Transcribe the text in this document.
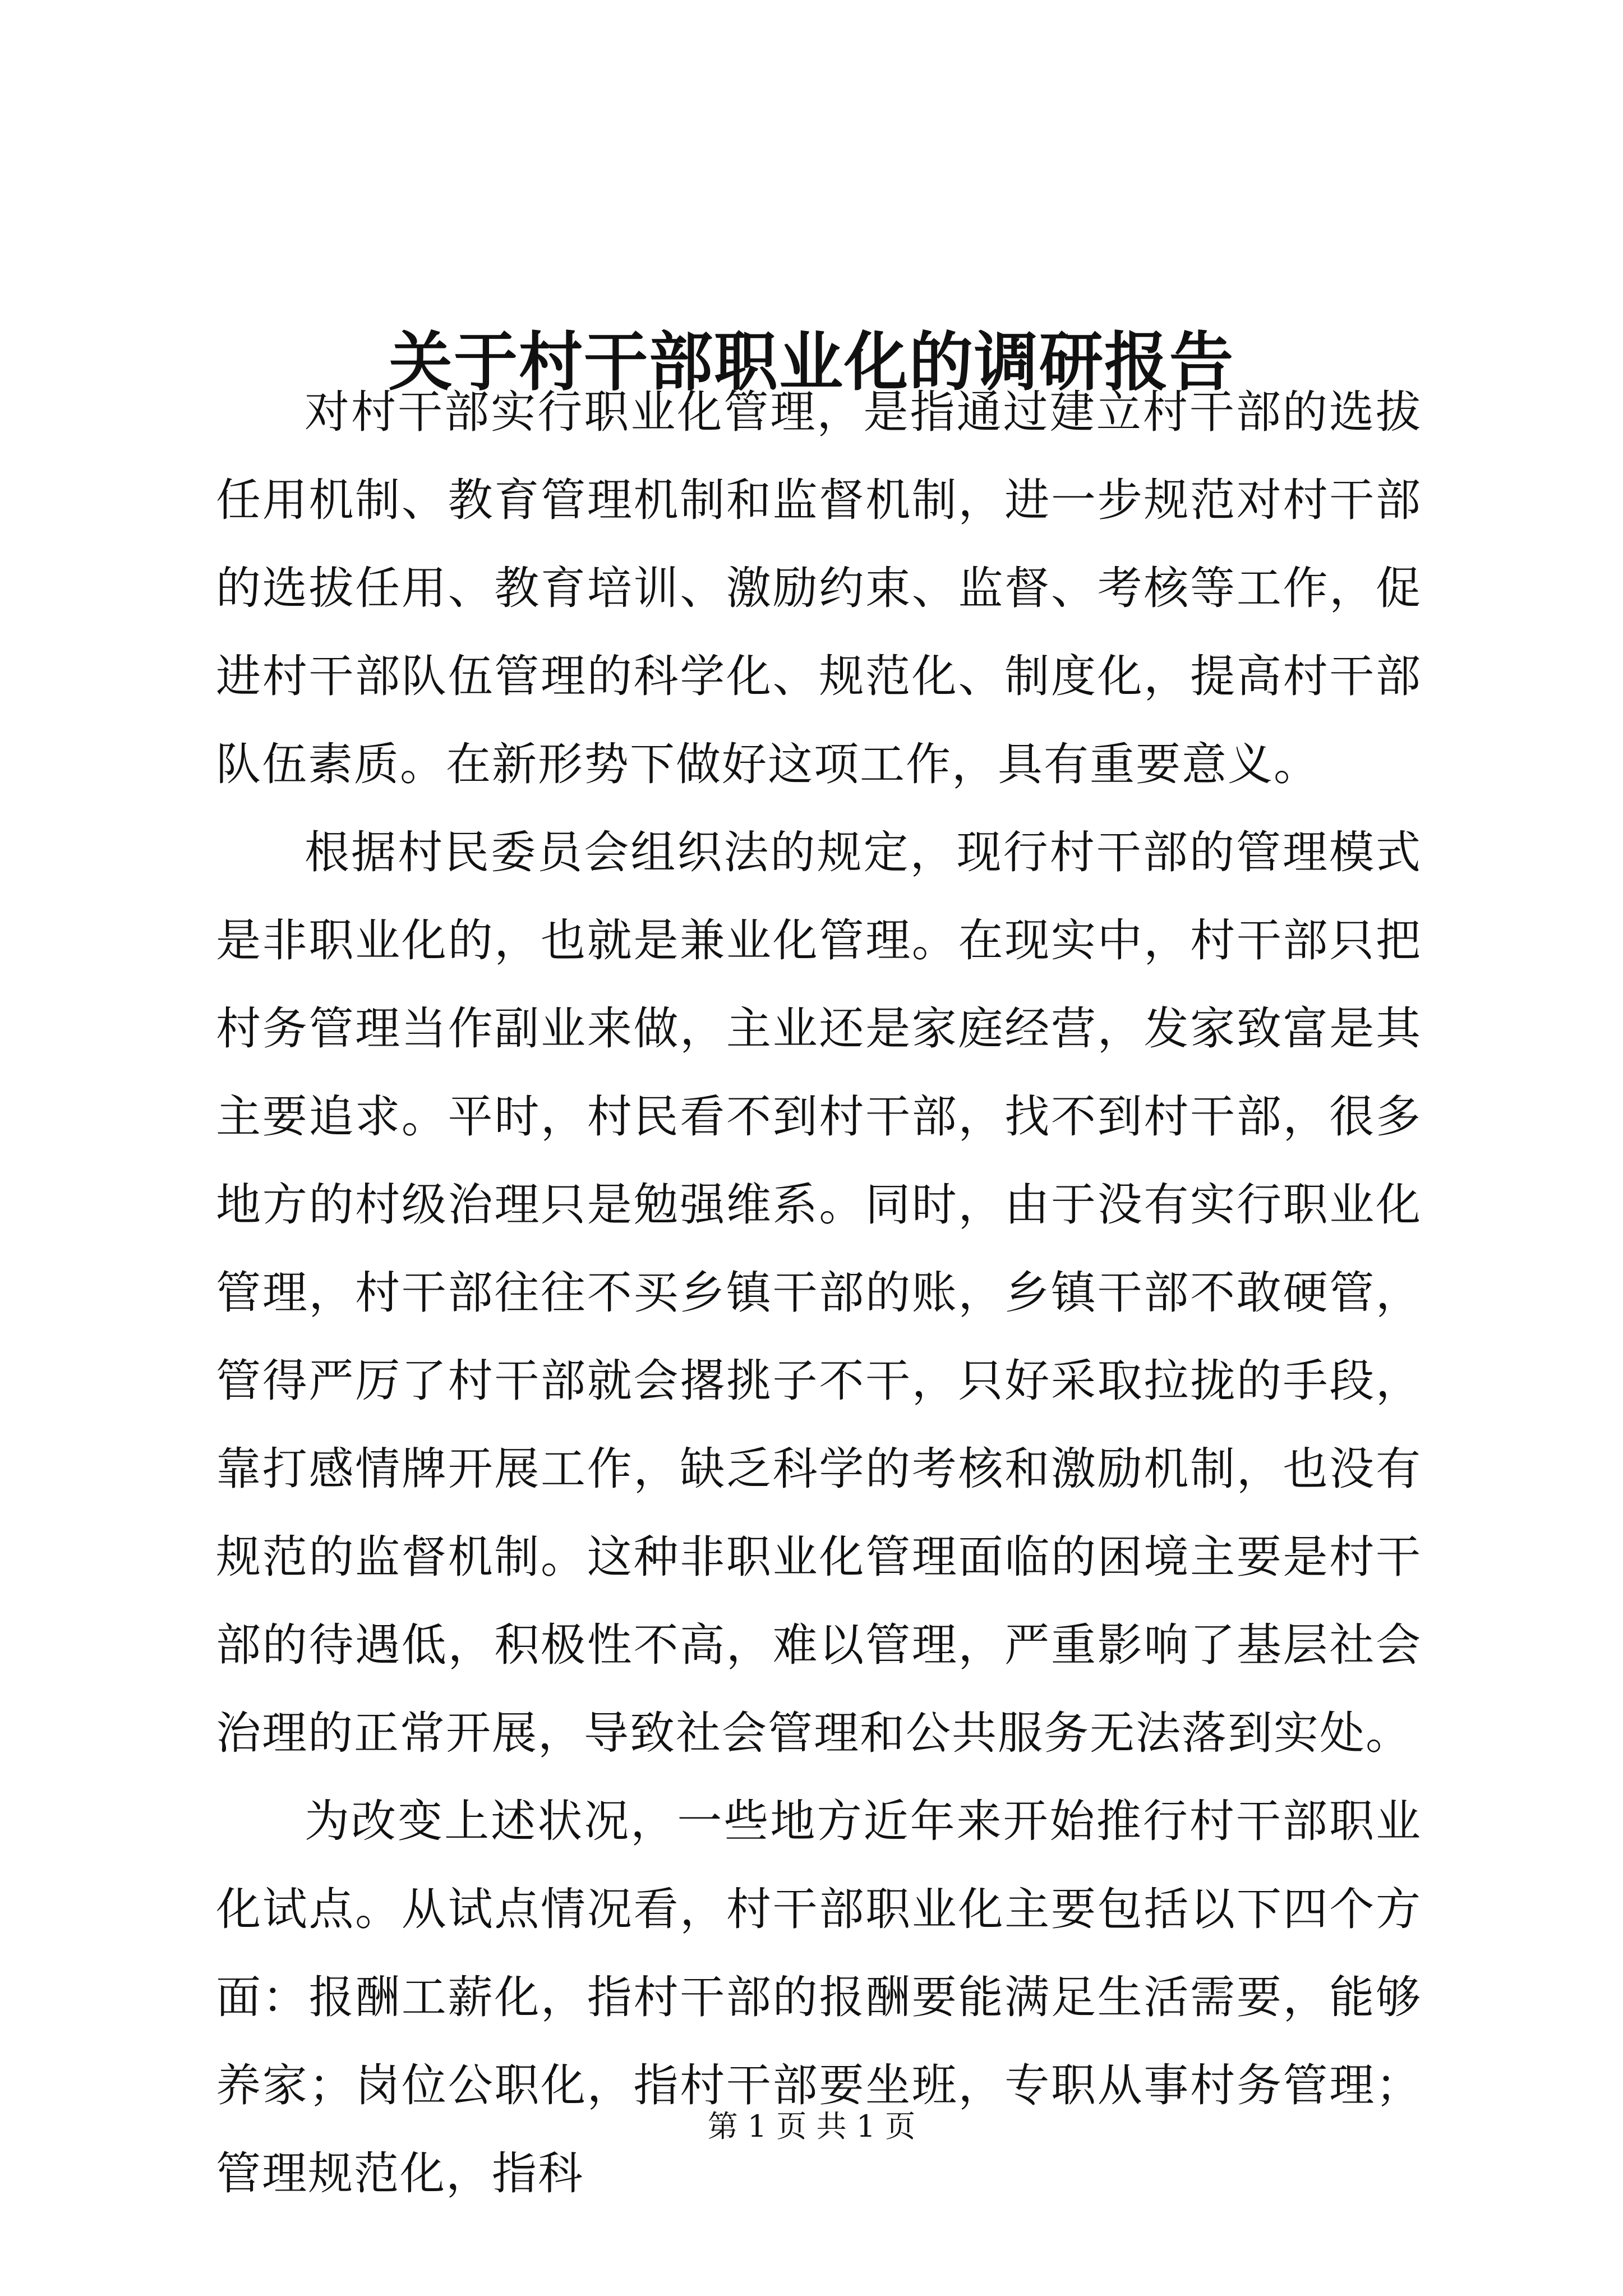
关于村干部职业化的调研报告

对村干部实行职业化管理，是指通过建立村干部的选拔任用机制、教育管理机制和监督机制，进一步规范对村干部的选拔任用、教育培训、激励约束、监督、考核等工作，促进村干部队伍管理的科学化、规范化、制度化，提高村干部队伍素质。在新形势下做好这项工作，具有重要意义。

根据村民委员会组织法的规定，现行村干部的管理模式是非职业化的，也就是兼业化管理。在现实中，村干部只把村务管理当作副业来做，主业还是家庭经营，发家致富是其主要追求。平时，村民看不到村干部，找不到村干部，很多地方的村级治理只是勉强维系。同时，由于没有实行职业化管理，村干部往往不买乡镇干部的账，乡镇干部不敢硬管，管得严厉了村干部就会撂挑子不干，只好采取拉拢的手段，靠打感情牌开展工作，缺乏科学的考核和激励机制，也没有规范的监督机制。这种非职业化管理面临的困境主要是村干部的待遇低，积极性不高，难以管理，严重影响了基层社会治理的正常开展，导致社会管理和公共服务无法落到实处。

为改变上述状况，一些地方近年来开始推行村干部职业化试点。从试点情况看，村干部职业化主要包括以下四个方面：报酬工薪化，指村干部的报酬要能满足生活需要，能够养家；岗位公职化，指村干部要坐班，专职从事村务管理；管理规范化，指科

第 1 页 共 1 页
